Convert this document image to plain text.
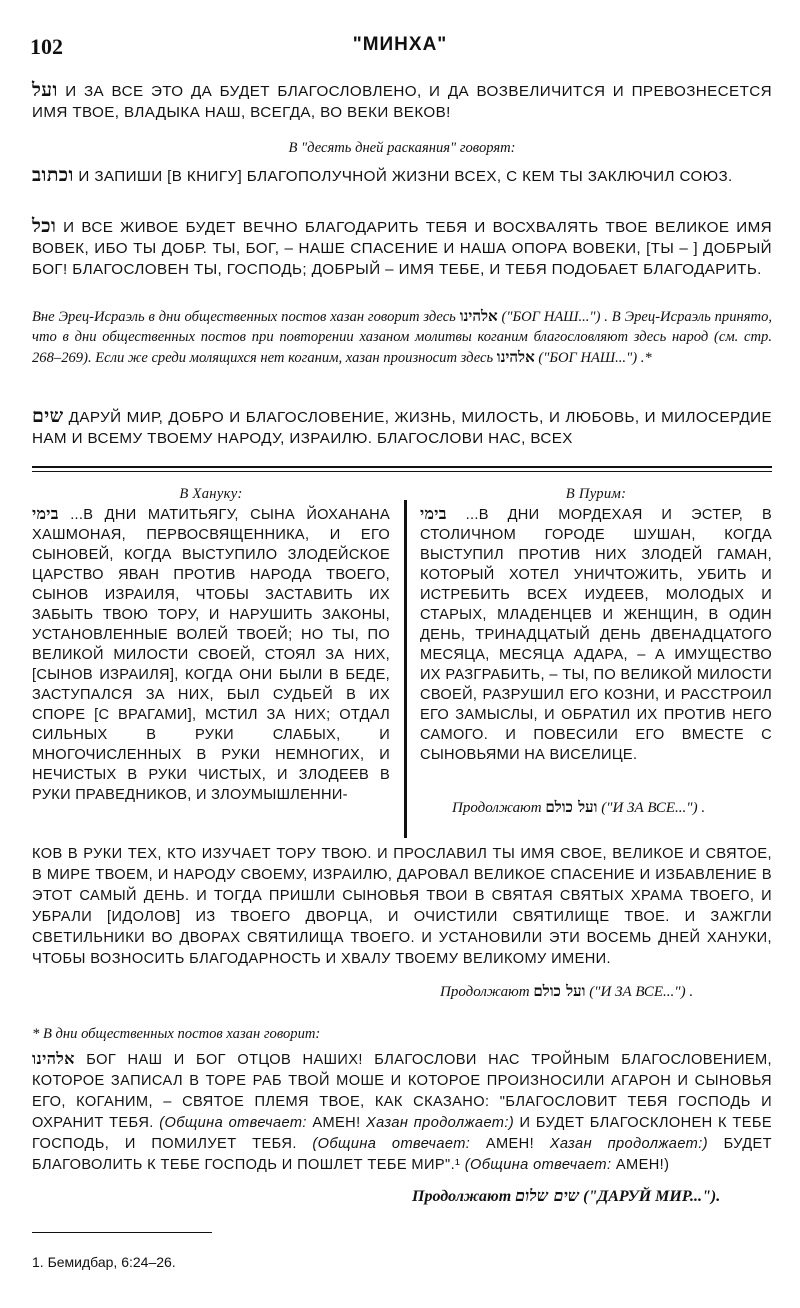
102	"МИНХА"
ועל И ЗА ВСЕ ЭТО ДА БУДЕТ БЛАГОСЛОВЛЕНО, И ДА ВОЗВЕЛИЧИТСЯ И ПРЕВОЗНЕСЕТСЯ ИМЯ ТВОЕ, ВЛАДЫКА НАШ, ВСЕГДА, ВО ВЕКИ ВЕКОВ!
В "десять дней раскаяния" говорят:
וכתוב И ЗАПИШИ [В КНИГУ] БЛАГОПОЛУЧНОЙ ЖИЗНИ ВСЕХ, С КЕМ ТЫ ЗАКЛЮЧИЛ СОЮЗ.
וכל И ВСЕ ЖИВОЕ БУДЕТ ВЕЧНО БЛАГОДАРИТЬ ТЕБЯ И ВОСХВАЛЯТЬ ТВОЕ ВЕЛИКОЕ ИМЯ ВОВЕК, ИБО ТЫ ДОБР. ТЫ, БОГ, – НАШЕ СПАСЕНИЕ И НАША ОПОРА ВОВЕКИ, [ТЫ – ] ДОБРЫЙ БОГ! БЛАГОСЛОВЕН ТЫ, ГОСПОДЬ; ДОБРЫЙ – ИМЯ ТЕБЕ, И ТЕБЯ ПОДОБАЕТ БЛАГОДАРИТЬ.
Вне Эрец-Исраэль в дни общественных постов хазан говорит здесь אלהינו ("БОГ НАШ...") . В Эрец-Исраэль принято, что в дни общественных постов при повторении хазаном молитвы коганим благословляют здесь народ (см. стр. 268–269). Если же среди молящихся нет коганим, хазан произносит здесь אלהינו ("БОГ НАШ...") .*
שים ДАРУЙ МИР, ДОБРО И БЛАГОСЛОВЕНИЕ, ЖИЗНЬ, МИЛОСТЬ, И ЛЮБОВЬ, И МИЛОСЕРДИЕ НАМ И ВСЕМУ ТВОЕМУ НАРОДУ, ИЗРАИЛЮ. БЛАГОСЛОВИ НАС, ВСЕХ
В Ханукy:
בימי ...В ДНИ МАТИТЬЯГУ, СЫНА ЙОХАНАНА ХАШМОНАЯ, ПЕРВОСВЯЩЕННИКА, И ЕГО СЫНОВЕЙ, КОГДА ВЫСТУПИЛО ЗЛОДЕЙСКОЕ ЦАРСТВО ЯВАН ПРОТИВ НАРОДА ТВОЕГО, СЫНОВ ИЗРАИЛЯ, ЧТОБЫ ЗАСТАВИТЬ ИХ ЗАБЫТЬ ТВОЮ ТОРУ, И НАРУШИТЬ ЗАКОНЫ, УСТАНОВЛЕННЫЕ ВОЛЕЙ ТВОЕЙ; НО ТЫ, ПО ВЕЛИКОЙ МИЛОСТИ СВОЕЙ, СТОЯЛ ЗА НИХ, [СЫНОВ ИЗРАИЛЯ], КОГДА ОНИ БЫЛИ В БЕДЕ, ЗАСТУПАЛСЯ ЗА НИХ, БЫЛ СУДЬЕЙ В ИХ СПОРЕ [С ВРАГАМИ], МСТИЛ ЗА НИХ; ОТДАЛ СИЛЬНЫХ В РУКИ СЛАБЫХ, И МНОГОЧИСЛЕННЫХ В РУКИ НЕМНОГИХ, И НЕЧИСТЫХ В РУКИ ЧИСТЫХ, И ЗЛОДЕЕВ В РУКИ ПРАВЕДНИКОВ, И ЗЛОУМЫШЛЕННИ-
В Пурим:
בימי ...В ДНИ МОРДЕХАЯ И ЭСТЕР, В СТОЛИЧНОМ ГОРОДЕ ШУШАН, КОГДА ВЫСТУПИЛ ПРОТИВ НИХ ЗЛОДЕЙ ГАМАН, КОТОРЫЙ ХОТЕЛ УНИЧТОЖИТЬ, УБИТЬ И ИСТРЕБИТЬ ВСЕХ ИУДЕЕВ, МОЛОДЫХ И СТАРЫХ, МЛАДЕНЦЕВ И ЖЕНЩИН, В ОДИН ДЕНЬ, ТРИНАДЦАТЫЙ ДЕНЬ ДВЕНАДЦАТОГО МЕСЯЦА, МЕСЯЦА АДАРА, – А ИМУЩЕСТВО ИХ РАЗГРАБИТЬ, – ТЫ, ПО ВЕЛИКОЙ МИЛОСТИ СВОЕЙ, РАЗРУШИЛ ЕГО КОЗНИ, И РАССТРОИЛ ЕГО ЗАМЫСЛЫ, И ОБРАТИЛ ИХ ПРОТИВ НЕГО САМОГО. И ПОВЕСИЛИ ЕГО ВМЕСТЕ С СЫНОВЬЯМИ НА ВИСЕЛИЦЕ.
Продолжают ועל כולם ("И ЗА ВСЕ...") .
КОВ В РУКИ ТЕХ, КТО ИЗУЧАЕТ ТОРУ ТВОЮ. И ПРОСЛАВИЛ ТЫ ИМЯ СВОЕ, ВЕЛИКОЕ И СВЯТОЕ, В МИРЕ ТВОЕМ, И НАРОДУ СВОЕМУ, ИЗРАИЛЮ, ДАРОВАЛ ВЕЛИКОЕ СПАСЕНИЕ И ИЗБАВЛЕНИЕ В ЭТОТ САМЫЙ ДЕНЬ. И ТОГДА ПРИШЛИ СЫНОВЬЯ ТВОИ В СВЯТАЯ СВЯТЫХ ХРАМА ТВОЕГО, И УБРАЛИ [ИДОЛОВ] ИЗ ТВОЕГО ДВОРЦА, И ОЧИСТИЛИ СВЯТИЛИЩЕ ТВОЕ. И ЗАЖГЛИ СВЕТИЛЬНИКИ ВО ДВОРАХ СВЯТИЛИЩА ТВОЕГО. И УСТАНОВИЛИ ЭТИ ВОСЕМЬ ДНЕЙ ХАНУКИ, ЧТОБЫ ВОЗНОСИТЬ БЛАГОДАРНОСТЬ И ХВАЛУ ТВОЕМУ ВЕЛИКОМУ ИМЕНИ.
Продолжают ועל כולם ("И ЗА ВСЕ...") .
* В дни общественных постов хазан говорит:
אלהינו БОГ НАШ И БОГ ОТЦОВ НАШИХ! БЛАГОСЛОВИ НАС ТРОЙНЫМ БЛАГОСЛОВЕНИЕМ, КОТОРОЕ ЗАПИСАЛ В ТОРЕ РАБ ТВОЙ МОШЕ И КОТОРОЕ ПРОИЗНОСИЛИ АГАРОН И СЫНОВЬЯ ЕГО, КОГАНИМ, – СВЯТОЕ ПЛЕМЯ ТВОЕ, КАК СКАЗАНО: "БЛАГОСЛОВИТ ТЕБЯ ГОСПОДЬ И ОХРАНИТ ТЕБЯ. (Община отвечает: АМЕН! Хазан продолжает:) И БУДЕТ БЛАГОСКЛОНЕН К ТЕБЕ ГОСПОДЬ, И ПОМИЛУЕТ ТЕБЯ. (Община отвечает: АМЕН! Хазан продолжает:) БУДЕТ БЛАГОВОЛИТЬ К ТЕБЕ ГОСПОДЬ И ПОШЛЕТ ТЕБЕ МИР".¹ (Община отвечает: АМЕН!)
Продолжают שים שלום ("ДАРУЙ МИР...").
1. Бемидбар, 6:24–26.
